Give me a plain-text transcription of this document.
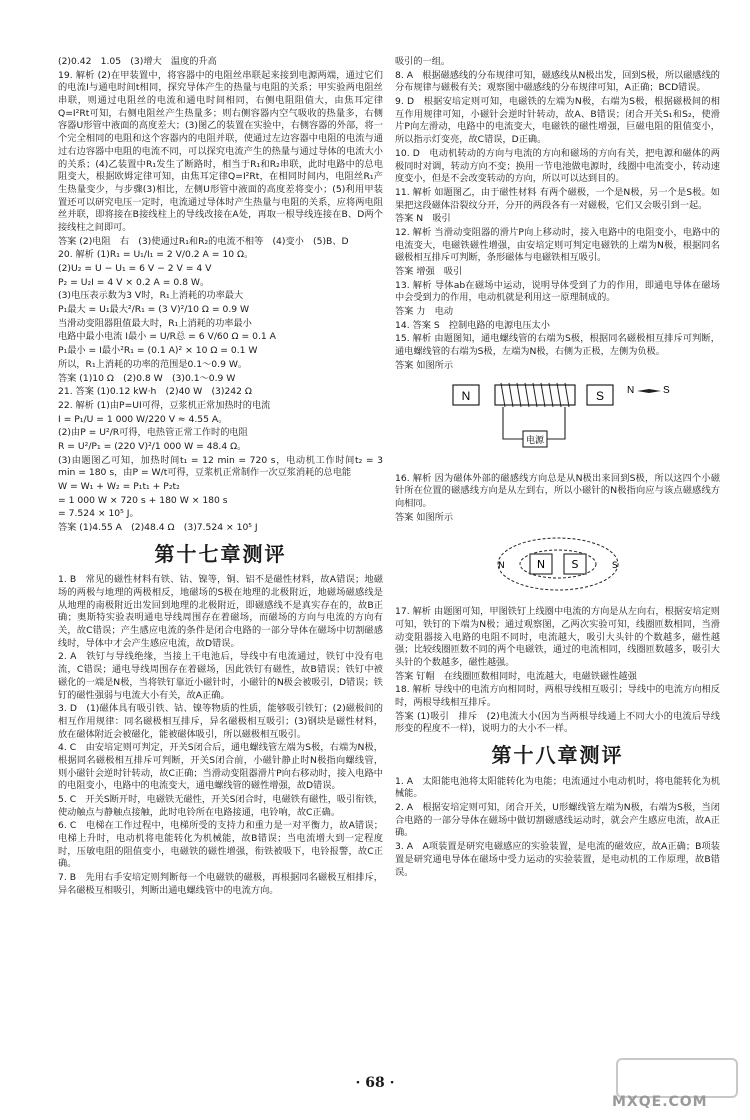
(2)0.42　1.05　(3)增大　温度的升高

19. 解析 (2)在甲装置中，将容器中的电阻丝串联起来接到电源两端，通过它们的电流I与通电时间t相同，探究导体产生的热量与电阻的关系；甲实验两电阻丝串联，则通过电阻丝的电流和通电时间相同，右侧电阻阻值大，由焦耳定律Q=I²Rt可知，右侧电阻丝产生热量多；则右侧容器内空气吸收的热量多，右侧容器U形管中液面的高度差大；(3)图乙的装置在实验中，右侧容器的外部，将一个完全相同的电阻和这个容器内的电阻并联，使通过左边容器中电阻的电流与通过右边容器中电阻的电流不同，可以探究电流产生的热量与通过导体的电流大小的关系；(4)乙装置中R₁发生了断路时，相当于R₁和R₂串联，此时电路中的总电阻变大，根据欧姆定律可知，由焦耳定律Q=I²Rt，在相同时间内，电阻丝R₁产生热量变少，与步骤(3)相比，左侧U形管中液面的高度差将变小；(5)利用甲装置还可以研究电压一定时，电流通过导体时产生热量与电阻的关系，应将两电阻丝并联，即将接在B接线柱上的导线改接在A处，再取一根导线连接在B、D两个接线柱之间即可。

答案 (2)电阻　右　(3)使通过R₁和R₂的电流不相等　(4)变小　(5)B、D

20. 解析 (1)R₁ = U₁/I₁ = 2 V/0.2 A = 10 Ω。

(2)U₂ = U − U₁ = 6 V − 2 V = 4 V

P₂ = U₂I = 4 V × 0.2 A = 0.8 W。

(3)电压表示数为3 V时，R₁上消耗的功率最大

P₁最大 = U₁最大²/R₁ = (3 V)²/10 Ω = 0.9 W

当滑动变阻器阻值最大时，R₁上消耗的功率最小

电路中最小电流 I最小 = U/R总 = 6 V/60 Ω = 0.1 A

P₁最小 = I最小²R₁ = (0.1 A)² × 10 Ω = 0.1 W

所以，R₁上消耗的功率的范围是0.1～0.9 W。

答案 (1)10 Ω　(2)0.8 W　(3)0.1～0.9 W

21. 答案 (1)0.12 kW·h　(2)40 W　(3)242 Ω

22. 解析 (1)由P=UI可得，豆浆机正常加热时的电流

I = P₁/U = 1 000 W/220 V ≈ 4.55 A。

(2)由P = U²/R可得，电热管正常工作时的电阻

R = U²/P₁ = (220 V)²/1 000 W = 48.4 Ω。

(3)由题图乙可知，加热时间t₁ = 12 min = 720 s，电动机工作时间t₂ = 3 min = 180 s，由P = W/t可得，豆浆机正常制作一次豆浆消耗的总电能

W = W₁ + W₂ = P₁t₁ + P₂t₂

= 1 000 W × 720 s + 180 W × 180 s

= 7.524 × 10⁵ J。

答案 (1)4.55 A　(2)48.4 Ω　(3)7.524 × 10⁵ J

第十七章测评

1. B　常见的磁性材料有铁、钴、镍等，铜、铝不是磁性材料，故A错误；地磁场的两极与地理的两极相反，地磁场的S极在地理的北极附近，地磁场磁感线是从地理的南极附近出发回到地理的北极附近，即磁感线不是真实存在的，故B正确；奥斯特实验表明通电导线周围存在着磁场，而磁场的方向与电流的方向有关，故C错误；产生感应电流的条件是闭合电路的一部分导体在磁场中切割磁感线时，导体中才会产生感应电流，故D错误。

2. A　铁钉与导线绝缘，当接上干电池后，导线中有电流通过，铁钉中没有电流，C错误；通电导线周围存在着磁场，因此铁钉有磁性，故B错误；铁钉中被磁化的一端是N极，当将铁钉靠近小磁针时，小磁针的N极会被吸引，D错误；铁钉的磁性强弱与电流大小有关，故A正确。

3. D　(1)磁体具有吸引铁、钴、镍等物质的性质，能够吸引铁钉；(2)磁极间的相互作用规律：同名磁极相互排斥，异名磁极相互吸引；(3)钢块是磁性材料，放在磁体附近会被磁化，能被磁体吸引，所以磁极相互吸引。

4. C　由安培定则可判定，开关S闭合后，通电螺线管左端为S极，右端为N极，根据同名磁极相互排斥可判断，开关S闭合前，小磁针静止时N极指向螺线管，则小磁针会逆时针转动，故C正确；当滑动变阻器滑片P向右移动时，接入电路中的电阻变小，电路中的电流变大，通电螺线管的磁性增强，故D错误。

5. C　开关S断开时，电磁铁无磁性，开关S闭合时，电磁铁有磁性，吸引衔铁，使动触点与静触点接触，此时电铃所在电路接通，电铃响，故C正确。

6. C　电梯在工作过程中，电梯所受的支持力和重力是一对平衡力，故A错误；电梯上升时，电动机将电能转化为机械能，故B错误；当电流增大到一定程度时，压敏电阻的阻值变小，电磁铁的磁性增强，衔铁被吸下，电铃报警，故C正确。

7. B　先用右手安培定则判断每一个电磁铁的磁极，再根据同名磁极互相排斥，异名磁极互相吸引，判断出通电螺线管中的电流方向。

吸引的一组。

8. A　根据磁感线的分布规律可知，磁感线从N极出发，回到S极，所以磁感线的分布规律与磁极有关；观察图中磁感线的分布规律可知，A正确；BCD错误。

9. D　根据安培定则可知，电磁铁的左端为N极，右端为S极，根据磁极间的相互作用规律可知，小磁针会逆时针转动，故A、B错误；闭合开关S₁和S₂，使滑片P向左滑动，电路中的电流变大，电磁铁的磁性增强，巨磁电阻的阻值变小，所以指示灯变亮，故C错误，D正确。

10. D　电动机转动的方向与电流的方向和磁场的方向有关，把电源和磁体的两极同时对调，转动方向不变；换用一节电池做电源时，线圈中电流变小，转动速度变小，但是不会改变转动的方向，所以可以达到目的。

11. 解析 如题图乙，由于磁性材料 有两个磁极，一个是N极，另一个是S极。如果把这段磁体沿裂纹分开，分开的两段各有一对磁极，它们又会吸引到一起。

答案 N　吸引

12. 解析 当滑动变阻器的滑片P向上移动时，接入电路中的电阻变小，电路中的电流变大，电磁铁磁性增强，由安培定则可判定电磁铁的上端为N极，根据同名磁极相互排斥可判断，条形磁体与电磁铁相互吸引。

答案 增强　吸引

13. 解析 导体ab在磁场中运动，说明导体受到了力的作用，即通电导体在磁场中会受到力的作用，电动机就是利用这一原理制成的。

答案 力　电动

14. 答案 S　控制电路的电源电压太小

15. 解析 由题图知，通电螺线管的右端为S极，根据同名磁极相互排斥可判断，通电螺线管的右端为S极，左端为N极，右侧为正极，左侧为负极。

答案 如图所示

N	S N	S
电源

16. 解析 因为磁体外部的磁感线方向总是从N极出来回到S极，所以这四个小磁针所在位置的磁感线方向是从左到右，所以小磁针的N极指向应与该点磁感线方向相同。

答案 如图所示

N S
N	S

17. 解析 由题图可知，甲图铁钉上线圈中电流的方向是从左向右，根据安培定则可知，铁钉的下端为N极；通过观察图，乙两次实验可知，线圈匝数相同，当滑动变阻器接入电路的电阻不同时，电流越大，吸引大头针的个数越多，磁性越强；比较线圈匝数不同的两个电磁铁，通过的电流相同，线圈匝数越多，吸引大头针的个数越多，磁性越强。

答案 钉帽　在线圈匝数相同时，电流越大，电磁铁磁性越强

18. 解析 导线中的电流方向相同时，两根导线相互吸引；导线中的电流方向相反时，两根导线相互排斥。

答案 (1)吸引　排斥　(2)电流大小(因为当两根导线通上不同大小的电流后导线形变的程度不一样)，说明力的大小不一样。

第十八章测评

1. A　太阳能电池将太阳能转化为电能；电流通过小电动机时，将电能转化为机械能。

2. A　根据安培定则可知，闭合开关，U形螺线管左端为N极，右端为S极，当闭合电路的一部分导体在磁场中做切割磁感线运动时，就会产生感应电流，故A正确。

3. A　A项装置是研究电磁感应的实验装置，是电流的磁效应，故A正确；B项装置是研究通电导体在磁场中受力运动的实验装置，是电动机的工作原理，故B错误。

· 68 ·
MXQE.COM
